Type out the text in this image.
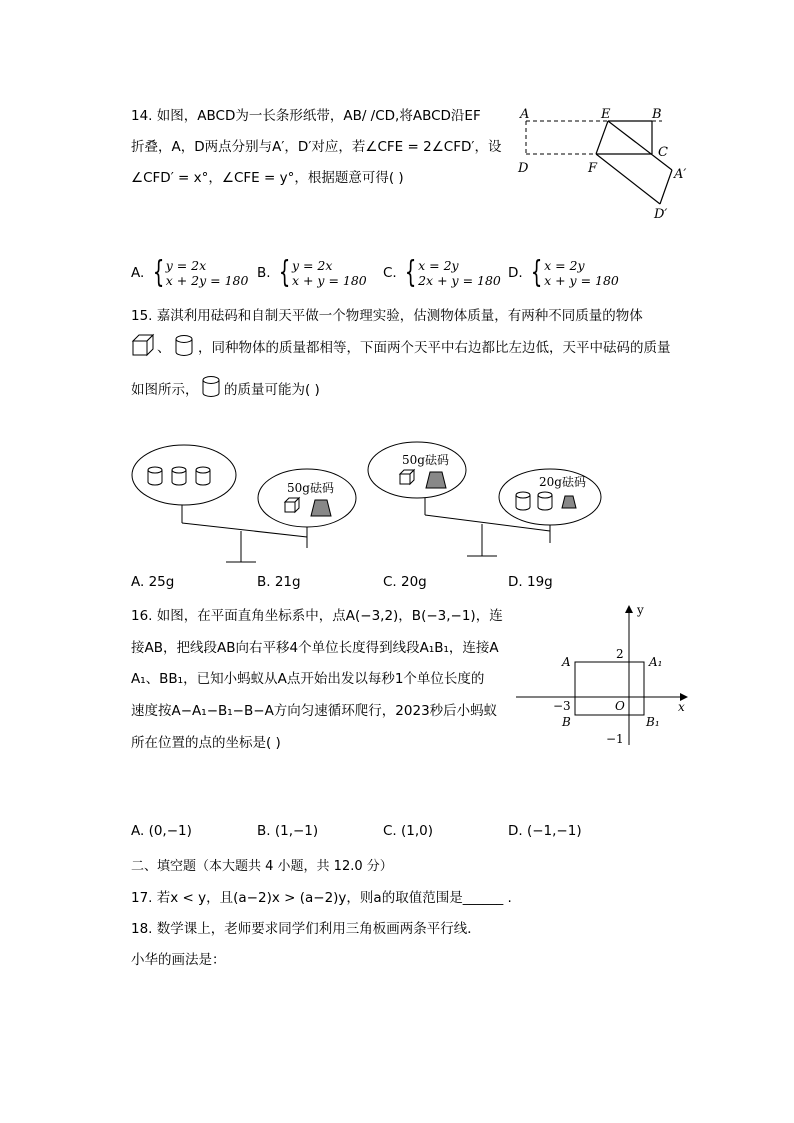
14. 如图，ABCD为一长条形纸带，AB/ /CD,将ABCD沿EF
折叠，A，D两点分别与A′，D′对应，若∠CFE = 2∠CFD′，设
∠CFD′ = x°，∠CFE = y°，根据题意可得( )
A	E	B
C
D	F	A′
D′
A. { y = 2x
x + 2y = 180 B. { y = 2x
x + y = 180 C. { x = 2y
2x + y = 180 D. { x = 2y
x + y = 180
15. 嘉淇利用砝码和自制天平做一个物理实验，估测物体质量，有两种不同质量的物体
、 ，同种物体的质量都相等，下面两个天平中右边都比左边低，天平中砝码的质量
如图所示， 的质量可能为( )
50g砝码
50g砝码
20g砝码
A. 25g	B. 21g	C. 20g	D. 19g
16. 如图，在平面直角坐标系中，点A(−3,2)，B(−3,−1)，连
接AB，把线段AB向右平移4个单位长度得到线段A₁B₁，连接A
A₁、BB₁，已知小蚂蚁从A点开始出发以每秒1个单位长度的
速度按A−A₁−B₁−B−A方向匀速循环爬行，2023秒后小蚂蚁
所在位置的点的坐标是( )
y
x
A	A₁
B	B₁
O
2
−3
−1
A. (0,−1)	B. (1,−1)	C. (1,0)	D. (−1,−1)
二、填空题（本大题共 4 小题，共 12.0 分）
17. 若x < y，且(a−2)x > (a−2)y，则a的取值范围是______ .
18. 数学课上，老师要求同学们利用三角板画两条平行线．
小华的画法是：
